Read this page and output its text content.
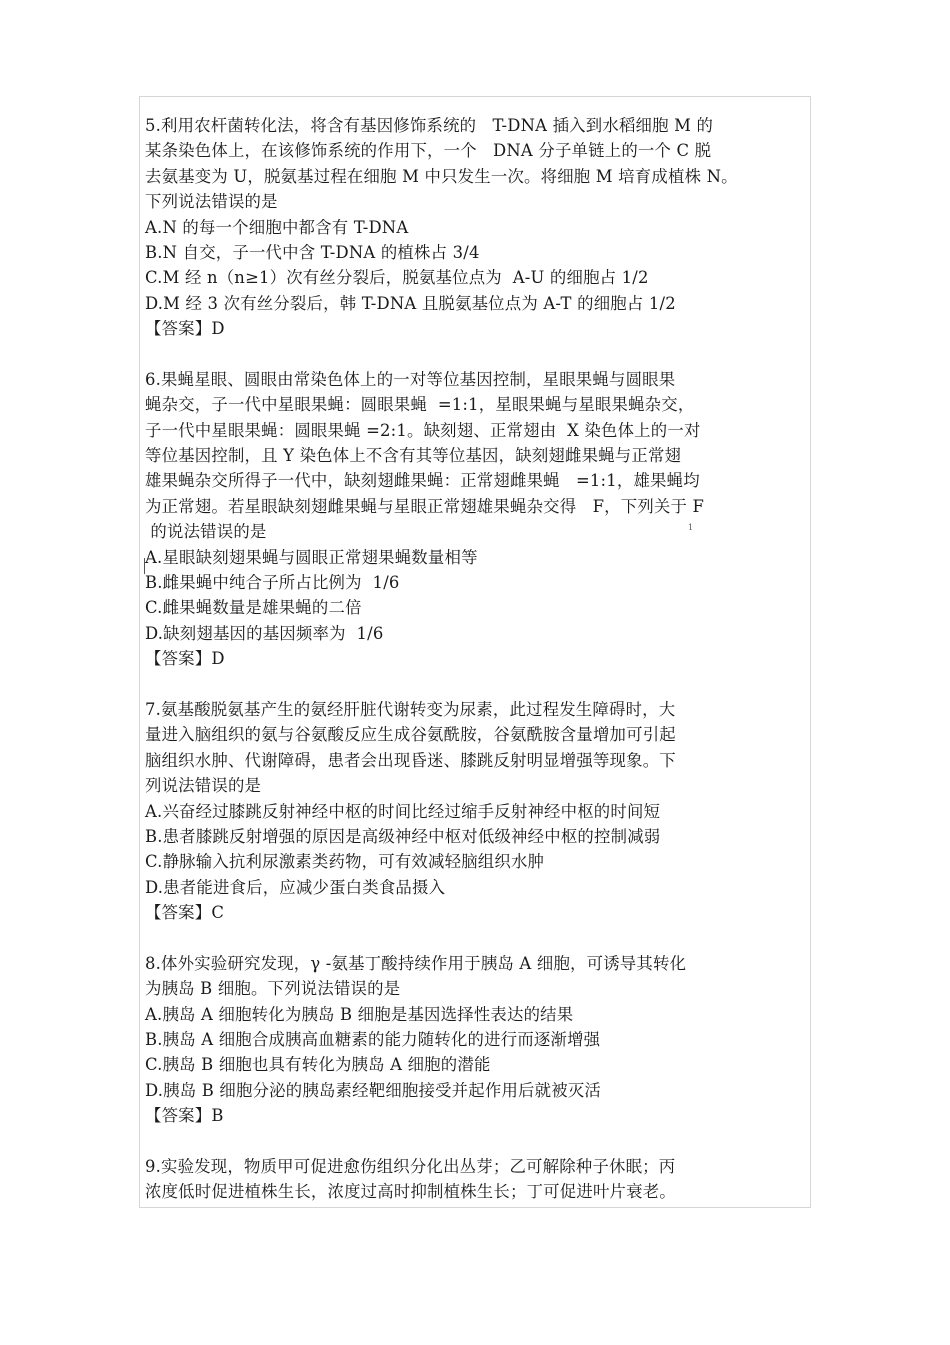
1
5.利用农杆菌转化法，将含有基因修饰系统的   T-DNA 插入到水稻细胞 M 的
某条染色体上，在该修饰系统的作用下，一个   DNA 分子单链上的一个 C 脱
去氨基变为 U，脱氨基过程在细胞 M 中只发生一次。将细胞 M 培育成植株 N。
下列说法错误的是
A.N 的每一个细胞中都含有 T-DNA
B.N 自交，子一代中含 T-DNA 的植株占 3/4
C.M 经 n（n≥1）次有丝分裂后，脱氨基位点为  A-U 的细胞占 1/2
D.M 经 3 次有丝分裂后，韩 T-DNA 且脱氨基位点为 A-T 的细胞占 1/2
【答案】D
6.果蝇星眼、圆眼由常染色体上的一对等位基因控制，星眼果蝇与圆眼果
蝇杂交，子一代中星眼果蝇：圆眼果蝇  =1:1，星眼果蝇与星眼果蝇杂交，
子一代中星眼果蝇：圆眼果蝇 =2:1。缺刻翅、正常翅由  X 染色体上的一对
等位基因控制，且 Y 染色体上不含有其等位基因，缺刻翅雌果蝇与正常翅
雄果蝇杂交所得子一代中，缺刻翅雌果蝇：正常翅雌果蝇   =1:1，雄果蝇均
为正常翅。若星眼缺刻翅雌果蝇与星眼正常翅雄果蝇杂交得   F，下列关于 F
的说法错误的是
A.星眼缺刻翅果蝇与圆眼正常翅果蝇数量相等
B.雌果蝇中纯合子所占比例为  1/6
C.雌果蝇数量是雄果蝇的二倍
D.缺刻翅基因的基因频率为  1/6
【答案】D
7.氨基酸脱氨基产生的氨经肝脏代谢转变为尿素，此过程发生障碍时，大
量进入脑组织的氨与谷氨酸反应生成谷氨酰胺，谷氨酰胺含量增加可引起
脑组织水肿、代谢障碍，患者会出现昏迷、膝跳反射明显增强等现象。下
列说法错误的是
A.兴奋经过膝跳反射神经中枢的时间比经过缩手反射神经中枢的时间短
B.患者膝跳反射增强的原因是高级神经中枢对低级神经中枢的控制减弱
C.静脉输入抗利尿激素类药物，可有效减轻脑组织水肿
D.患者能进食后，应减少蛋白类食品摄入
【答案】C
8.体外实验研究发现，γ -氨基丁酸持续作用于胰岛 A 细胞，可诱导其转化
为胰岛 B 细胞。下列说法错误的是
A.胰岛 A 细胞转化为胰岛 B 细胞是基因选择性表达的结果
B.胰岛 A 细胞合成胰高血糖素的能力随转化的进行而逐渐增强
C.胰岛 B 细胞也具有转化为胰岛 A 细胞的潜能
D.胰岛 B 细胞分泌的胰岛素经靶细胞接受并起作用后就被灭活
【答案】B
9.实验发现，物质甲可促进愈伤组织分化出丛芽；乙可解除种子休眠；丙
浓度低时促进植株生长，浓度过高时抑制植株生长；丁可促进叶片衰老。
